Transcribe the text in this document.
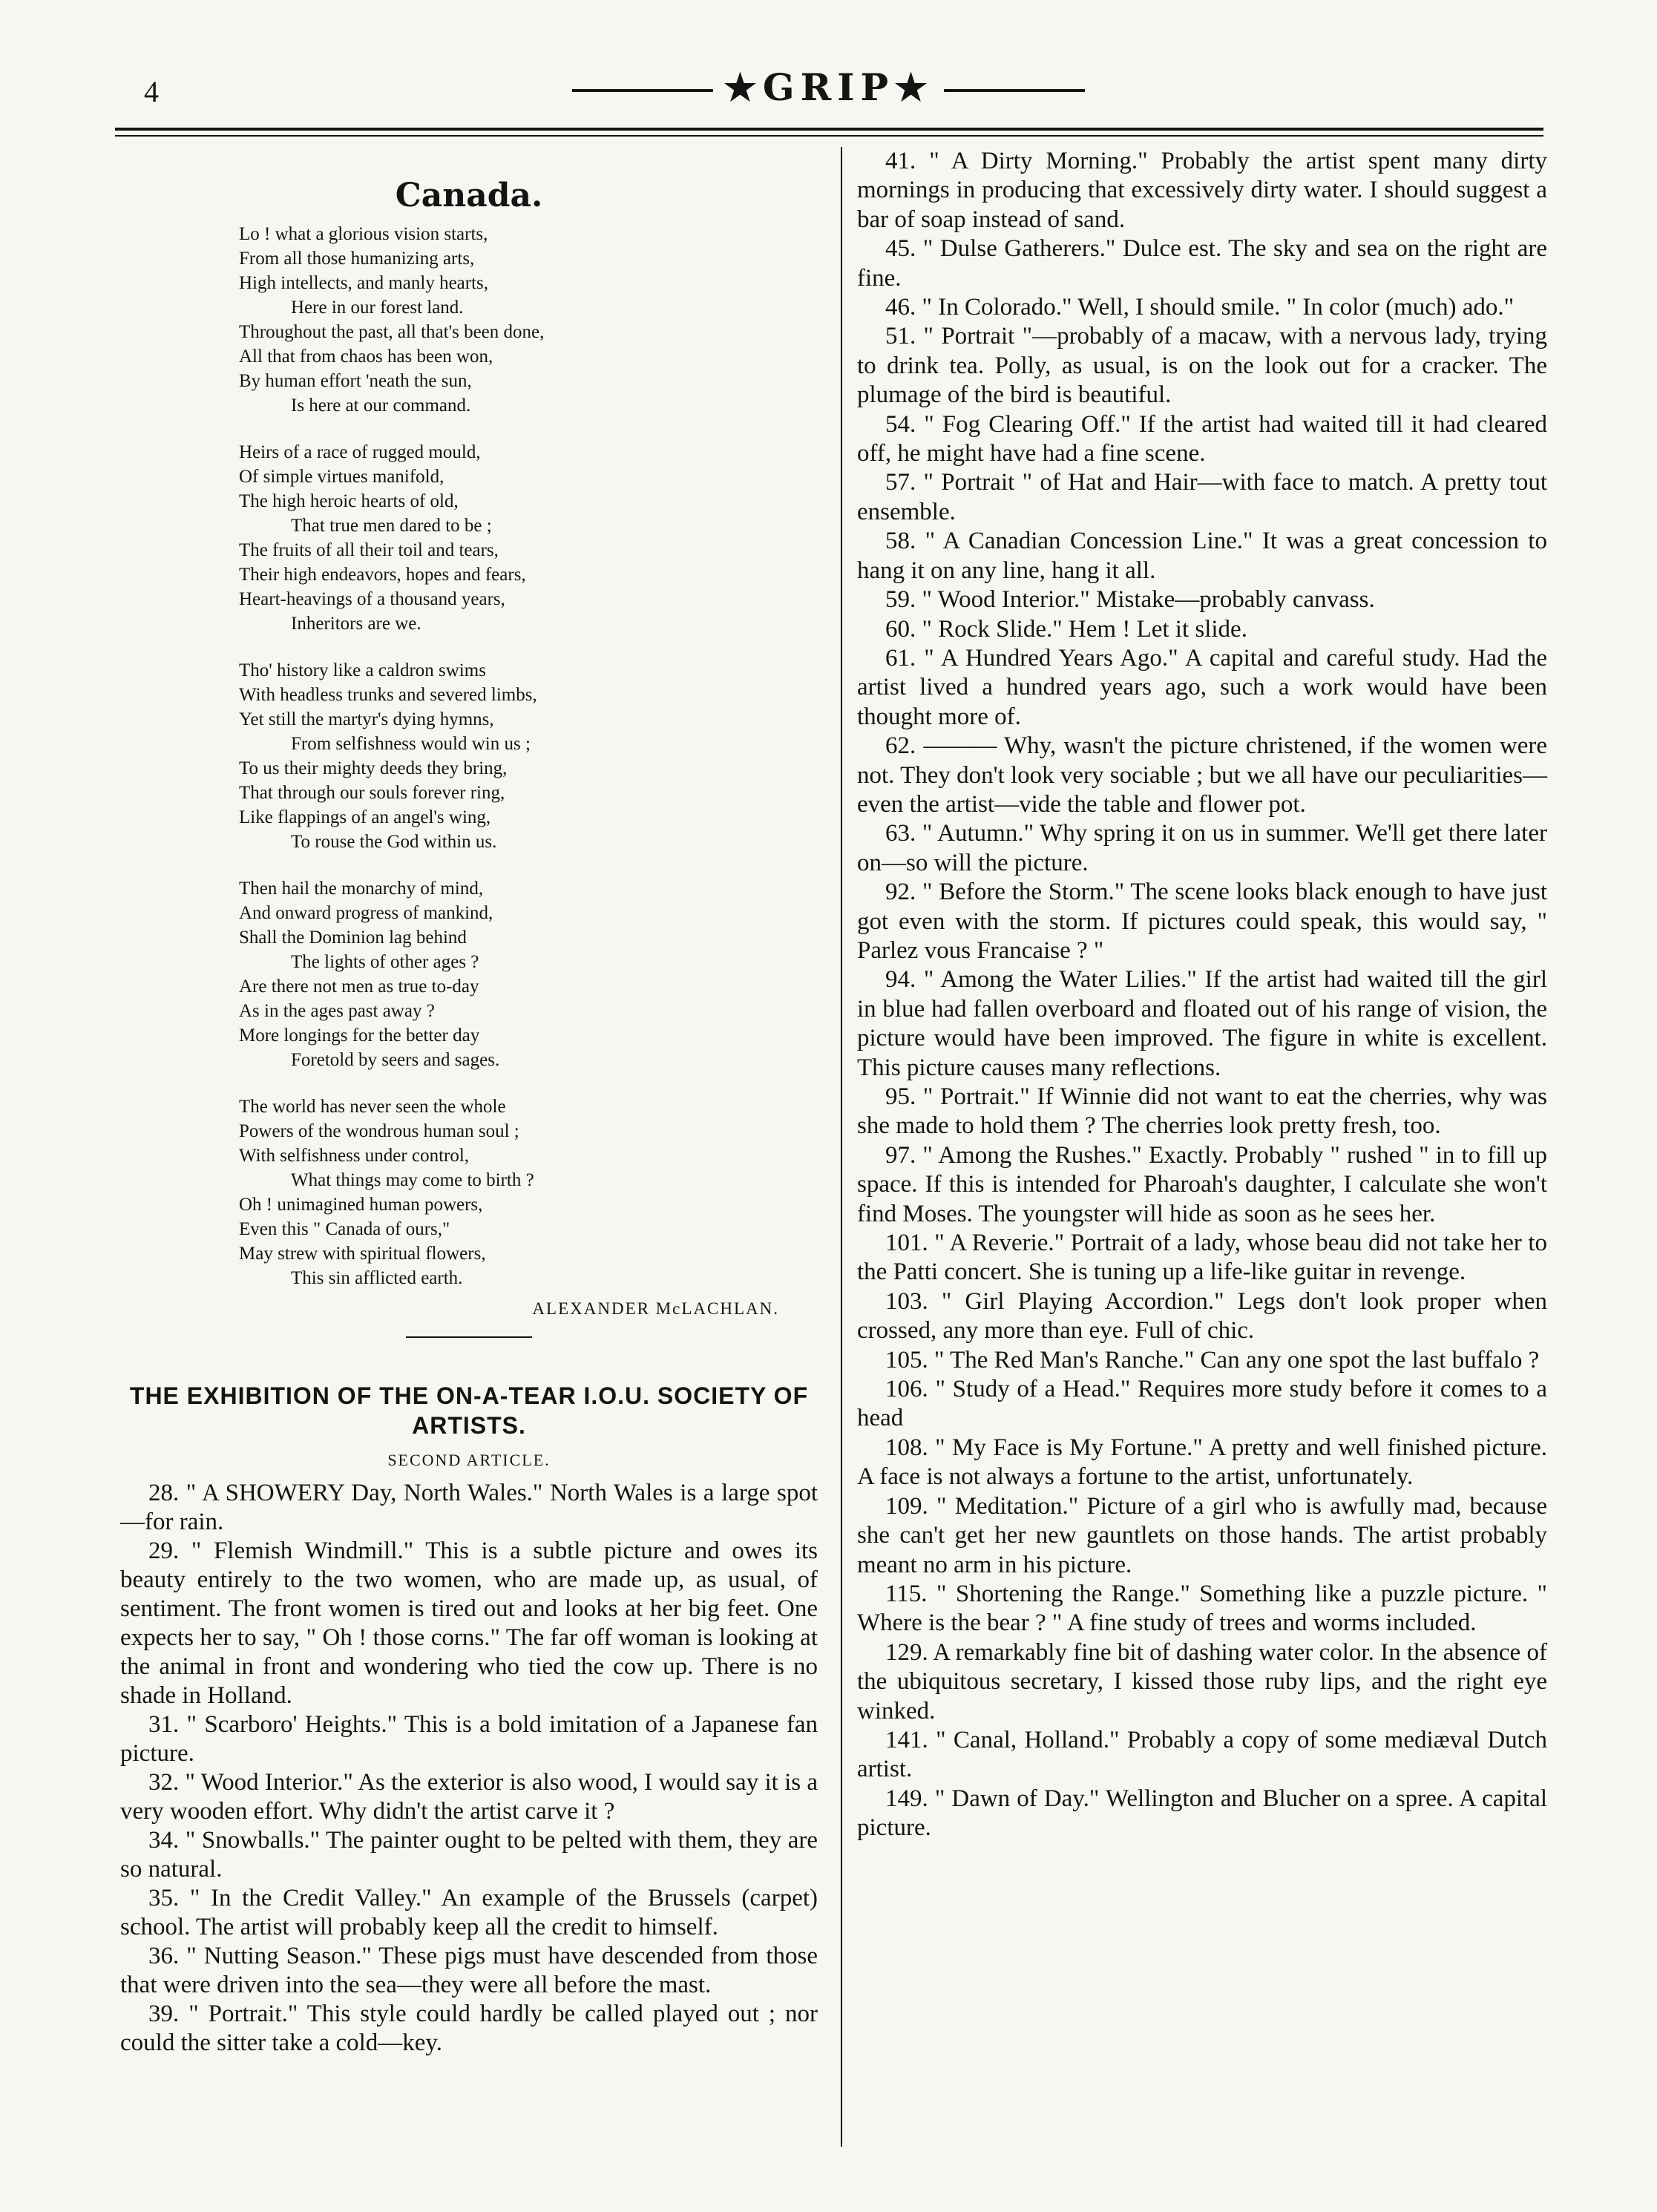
4	★GRIP★
Canada.
Lo ! what a glorious vision starts,
From all those humanizing arts,
High intellects, and manly hearts,
Here in our forest land.
Throughout the past, all that's been done,
All that from chaos has been won,
By human effort 'neath the sun,
Is here at our command.
Heirs of a race of rugged mould,
Of simple virtues manifold,
The high heroic hearts of old,
That true men dared to be ;
The fruits of all their toil and tears,
Their high endeavors, hopes and fears,
Heart-heavings of a thousand years,
Inheritors are we.
Tho' history like a caldron swims
With headless trunks and severed limbs,
Yet still the martyr's dying hymns,
From selfishness would win us ;
To us their mighty deeds they bring,
That through our souls forever ring,
Like flappings of an angel's wing,
To rouse the God within us.
Then hail the monarchy of mind,
And onward progress of mankind,
Shall the Dominion lag behind
The lights of other ages ?
Are there not men as true to-day
As in the ages past away ?
More longings for the better day
Foretold by seers and sages.
The world has never seen the whole
Powers of the wondrous human soul ;
With selfishness under control,
What things may come to birth ?
Oh ! unimagined human powers,
Even this " Canada of ours,"
May strew with spiritual flowers,
This sin afflicted earth.
ALEXANDER McLACHLAN.
THE EXHIBITION OF THE ON-A-TEAR I.O.U. SOCIETY OF ARTISTS.
SECOND ARTICLE.
28. " A SHOWERY Day, North Wales." North Wales is a large spot—for rain.
29. " Flemish Windmill." This is a subtle picture and owes its beauty entirely to the two women, who are made up, as usual, of sentiment. The front women is tired out and looks at her big feet. One expects her to say, " Oh ! those corns." The far off woman is looking at the animal in front and wondering who tied the cow up. There is no shade in Holland.
31. " Scarboro' Heights." This is a bold imitation of a Japanese fan picture.
32. " Wood Interior." As the exterior is also wood, I would say it is a very wooden effort. Why didn't the artist carve it ?
34. " Snowballs." The painter ought to be pelted with them, they are so natural.
35. " In the Credit Valley." An example of the Brussels (carpet) school. The artist will probably keep all the credit to himself.
36. " Nutting Season." These pigs must have descended from those that were driven into the sea—they were all before the mast.
39. " Portrait." This style could hardly be called played out ; nor could the sitter take a cold—key.
41. " A Dirty Morning." Probably the artist spent many dirty mornings in producing that excessively dirty water. I should suggest a bar of soap instead of sand.
45. " Dulse Gatherers." Dulce est. The sky and sea on the right are fine.
46. " In Colorado." Well, I should smile. " In color (much) ado."
51. " Portrait "—probably of a macaw, with a nervous lady, trying to drink tea. Polly, as usual, is on the look out for a cracker. The plumage of the bird is beautiful.
54. " Fog Clearing Off." If the artist had waited till it had cleared off, he might have had a fine scene.
57. " Portrait " of Hat and Hair—with face to match. A pretty tout ensemble.
58. " A Canadian Concession Line." It was a great concession to hang it on any line, hang it all.
59. " Wood Interior." Mistake—probably canvass.
60. " Rock Slide." Hem ! Let it slide.
61. " A Hundred Years Ago." A capital and careful study. Had the artist lived a hundred years ago, such a work would have been thought more of.
62. ——— Why, wasn't the picture christened, if the women were not. They don't look very sociable ; but we all have our peculiarities—even the artist—vide the table and flower pot.
63. " Autumn." Why spring it on us in summer. We'll get there later on—so will the picture.
92. " Before the Storm." The scene looks black enough to have just got even with the storm. If pictures could speak, this would say, " Parlez vous Francaise ? "
94. " Among the Water Lilies." If the artist had waited till the girl in blue had fallen overboard and floated out of his range of vision, the picture would have been improved. The figure in white is excellent. This picture causes many reflections.
95. " Portrait." If Winnie did not want to eat the cherries, why was she made to hold them ? The cherries look pretty fresh, too.
97. " Among the Rushes." Exactly. Probably " rushed " in to fill up space. If this is intended for Pharoah's daughter, I calculate she won't find Moses. The youngster will hide as soon as he sees her.
101. " A Reverie." Portrait of a lady, whose beau did not take her to the Patti concert. She is tuning up a life-like guitar in revenge.
103. " Girl Playing Accordion." Legs don't look proper when crossed, any more than eye. Full of chic.
105. " The Red Man's Ranche." Can any one spot the last buffalo ?
106. " Study of a Head." Requires more study before it comes to a head
108. " My Face is My Fortune." A pretty and well finished picture. A face is not always a fortune to the artist, unfortunately.
109. " Meditation." Picture of a girl who is awfully mad, because she can't get her new gauntlets on those hands. The artist probably meant no arm in his picture.
115. " Shortening the Range." Something like a puzzle picture. " Where is the bear ? " A fine study of trees and worms included.
129. A remarkably fine bit of dashing water color. In the absence of the ubiquitous secretary, I kissed those ruby lips, and the right eye winked.
141. " Canal, Holland." Probably a copy of some mediæval Dutch artist.
149. " Dawn of Day." Wellington and Blucher on a spree. A capital picture.
